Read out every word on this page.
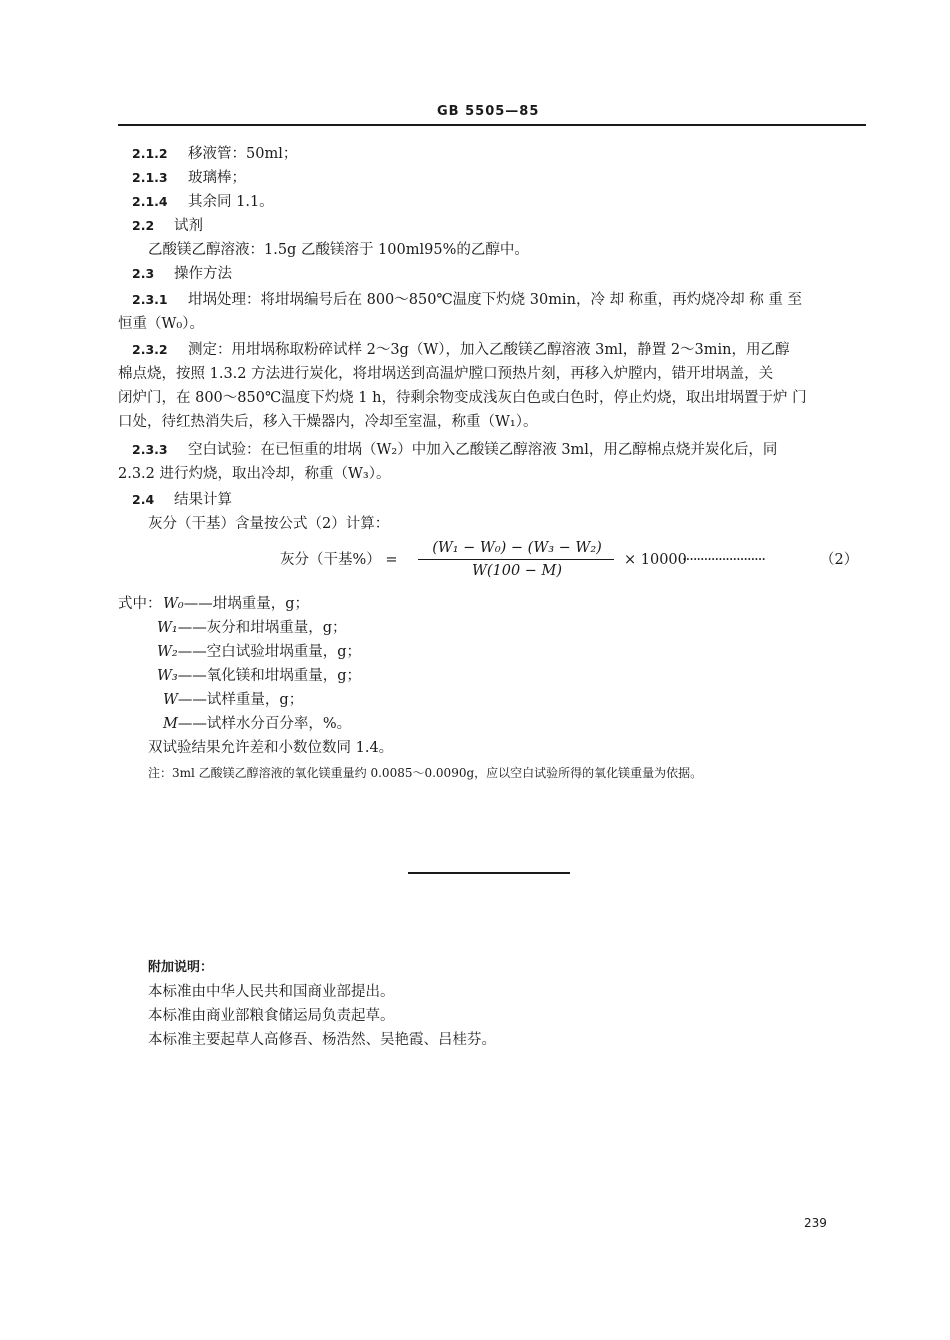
GB 5505—85
2.1.2 移液管：50ml；
2.1.3 玻璃棒；
2.1.4 其余同 1.1。
2.2 试剂
乙酸镁乙醇溶液：1.5g 乙酸镁溶于 100ml95%的乙醇中。
2.3 操作方法
2.3.1 坩埚处理：将坩埚编号后在 800～850℃温度下灼烧 30min，冷 却 称重，再灼烧冷却 称 重 至
恒重（W₀）。
2.3.2 测定：用坩埚称取粉碎试样 2～3g（W），加入乙酸镁乙醇溶液 3ml，静置 2～3min，用乙醇
棉点烧，按照 1.3.2 方法进行炭化，将坩埚送到高温炉膛口预热片刻，再移入炉膛内，错开坩埚盖，关
闭炉门，在 800～850℃温度下灼烧 1 h，待剩余物变成浅灰白色或白色时，停止灼烧，取出坩埚置于炉 门
口处，待红热消失后，移入干燥器内，冷却至室温，称重（W₁）。
2.3.3 空白试验：在已恒重的坩埚（W₂）中加入乙酸镁乙醇溶液 3ml，用乙醇棉点烧并炭化后，同
2.3.2 进行灼烧，取出冷却，称重（W₃）。
2.4 结果计算
灰分（干基）含量按公式（2）计算：
灰分（干基%） =
(W₁ − W₀) − (W₃ − W₂)
W(100 − M)
× 10000
·······················	（2）
式中： W₀——坩埚重量，g；
W₁——灰分和坩埚重量，g；
W₂——空白试验坩埚重量，g；
W₃——氧化镁和坩埚重量，g；
W——试样重量，g；
M——试样水分百分率，%。
双试验结果允许差和小数位数同 1.4。
注：3ml 乙酸镁乙醇溶液的氧化镁重量约 0.0085～0.0090g，应以空白试验所得的氧化镁重量为依据。
附加说明：
本标准由中华人民共和国商业部提出。
本标准由商业部粮食储运局负责起草。
本标准主要起草人高修吾、杨浩然、吴艳霞、吕桂芬。
239
